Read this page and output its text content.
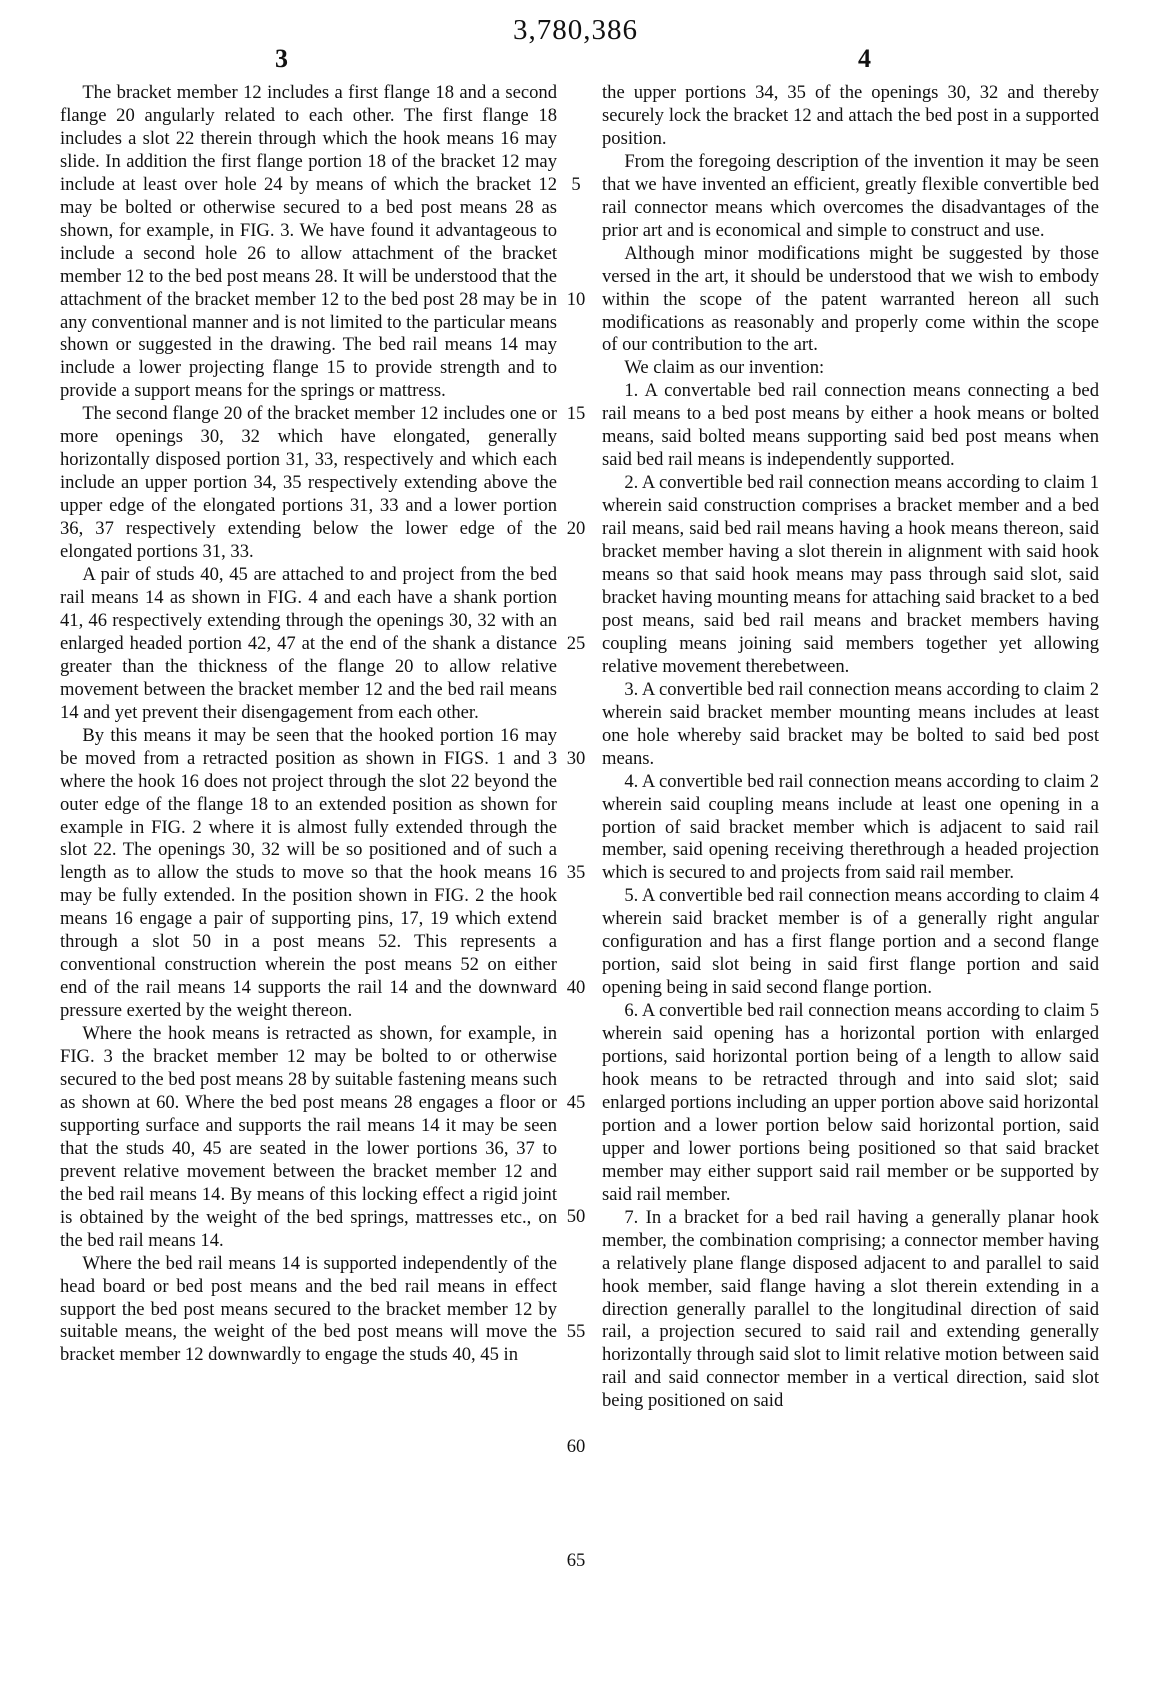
3,780,386
3	4

The bracket member 12 includes a first flange 18 and a second flange 20 angularly related to each other. The first flange 18 includes a slot 22 therein through which the hook means 16 may slide. In addition the first flange portion 18 of the bracket 12 may include at least over hole 24 by means of which the bracket 12 may be bolted or otherwise secured to a bed post means 28 as shown, for example, in FIG. 3. We have found it advantageous to include a second hole 26 to allow attachment of the bracket member 12 to the bed post means 28. It will be understood that the attachment of the bracket member 12 to the bed post 28 may be in any conventional manner and is not limited to the particular means shown or suggested in the drawing. The bed rail means 14 may include a lower projecting flange 15 to provide strength and to provide a support means for the springs or mattress.

The second flange 20 of the bracket member 12 includes one or more openings 30, 32 which have elongated, generally horizontally disposed portion 31, 33, respectively and which each include an upper portion 34, 35 respectively extending above the upper edge of the elongated portions 31, 33 and a lower portion 36, 37 respectively extending below the lower edge of the elongated portions 31, 33.

A pair of studs 40, 45 are attached to and project from the bed rail means 14 as shown in FIG. 4 and each have a shank portion 41, 46 respectively extending through the openings 30, 32 with an enlarged headed portion 42, 47 at the end of the shank a distance greater than the thickness of the flange 20 to allow relative movement between the bracket member 12 and the bed rail means 14 and yet prevent their disengagement from each other.

By this means it may be seen that the hooked portion 16 may be moved from a retracted position as shown in FIGS. 1 and 3 where the hook 16 does not project through the slot 22 beyond the outer edge of the flange 18 to an extended position as shown for example in FIG. 2 where it is almost fully extended through the slot 22. The openings 30, 32 will be so positioned and of such a length as to allow the studs to move so that the hook means 16 may be fully extended. In the position shown in FIG. 2 the hook means 16 engage a pair of supporting pins, 17, 19 which extend through a slot 50 in a post means 52. This represents a conventional construction wherein the post means 52 on either end of the rail means 14 supports the rail 14 and the downward pressure exerted by the weight thereon.

Where the hook means is retracted as shown, for example, in FIG. 3 the bracket member 12 may be bolted to or otherwise secured to the bed post means 28 by suitable fastening means such as shown at 60. Where the bed post means 28 engages a floor or supporting surface and supports the rail means 14 it may be seen that the studs 40, 45 are seated in the lower portions 36, 37 to prevent relative movement between the bracket member 12 and the bed rail means 14. By means of this locking effect a rigid joint is obtained by the weight of the bed springs, mattresses etc., on the bed rail means 14.

Where the bed rail means 14 is supported independently of the head board or bed post means and the bed rail means in effect support the bed post means secured to the bracket member 12 by suitable means, the weight of the bed post means will move the bracket member 12 downwardly to engage the studs 40, 45 in

5
10
15
20
25
30
35
40
45
50
55
60
65

the upper portions 34, 35 of the openings 30, 32 and thereby securely lock the bracket 12 and attach the bed post in a supported position.

From the foregoing description of the invention it may be seen that we have invented an efficient, greatly flexible convertible bed rail connector means which overcomes the disadvantages of the prior art and is economical and simple to construct and use.

Although minor modifications might be suggested by those versed in the art, it should be understood that we wish to embody within the scope of the patent warranted hereon all such modifications as reasonably and properly come within the scope of our contribution to the art.

We claim as our invention:

1. A convertable bed rail connection means connecting a bed rail means to a bed post means by either a hook means or bolted means, said bolted means supporting said bed post means when said bed rail means is independently supported.

2. A convertible bed rail connection means according to claim 1 wherein said construction comprises a bracket member and a bed rail means, said bed rail means having a hook means thereon, said bracket member having a slot therein in alignment with said hook means so that said hook means may pass through said slot, said bracket having mounting means for attaching said bracket to a bed post means, said bed rail means and bracket members having coupling means joining said members together yet allowing relative movement therebetween.

3. A convertible bed rail connection means according to claim 2 wherein said bracket member mounting means includes at least one hole whereby said bracket may be bolted to said bed post means.

4. A convertible bed rail connection means according to claim 2 wherein said coupling means include at least one opening in a portion of said bracket member which is adjacent to said rail member, said opening receiving therethrough a headed projection which is secured to and projects from said rail member.

5. A convertible bed rail connection means according to claim 4 wherein said bracket member is of a generally right angular configuration and has a first flange portion and a second flange portion, said slot being in said first flange portion and said opening being in said second flange portion.

6. A convertible bed rail connection means according to claim 5 wherein said opening has a horizontal portion with enlarged portions, said horizontal portion being of a length to allow said hook means to be retracted through and into said slot; said enlarged portions including an upper portion above said horizontal portion and a lower portion below said horizontal portion, said upper and lower portions being positioned so that said bracket member may either support said rail member or be supported by said rail member.

7. In a bracket for a bed rail having a generally planar hook member, the combination comprising; a connector member having a relatively plane flange disposed adjacent to and parallel to said hook member, said flange having a slot therein extending in a direction generally parallel to the longitudinal direction of said rail, a projection secured to said rail and extending generally horizontally through said slot to limit relative motion between said rail and said connector member in a vertical direction, said slot being positioned on said
